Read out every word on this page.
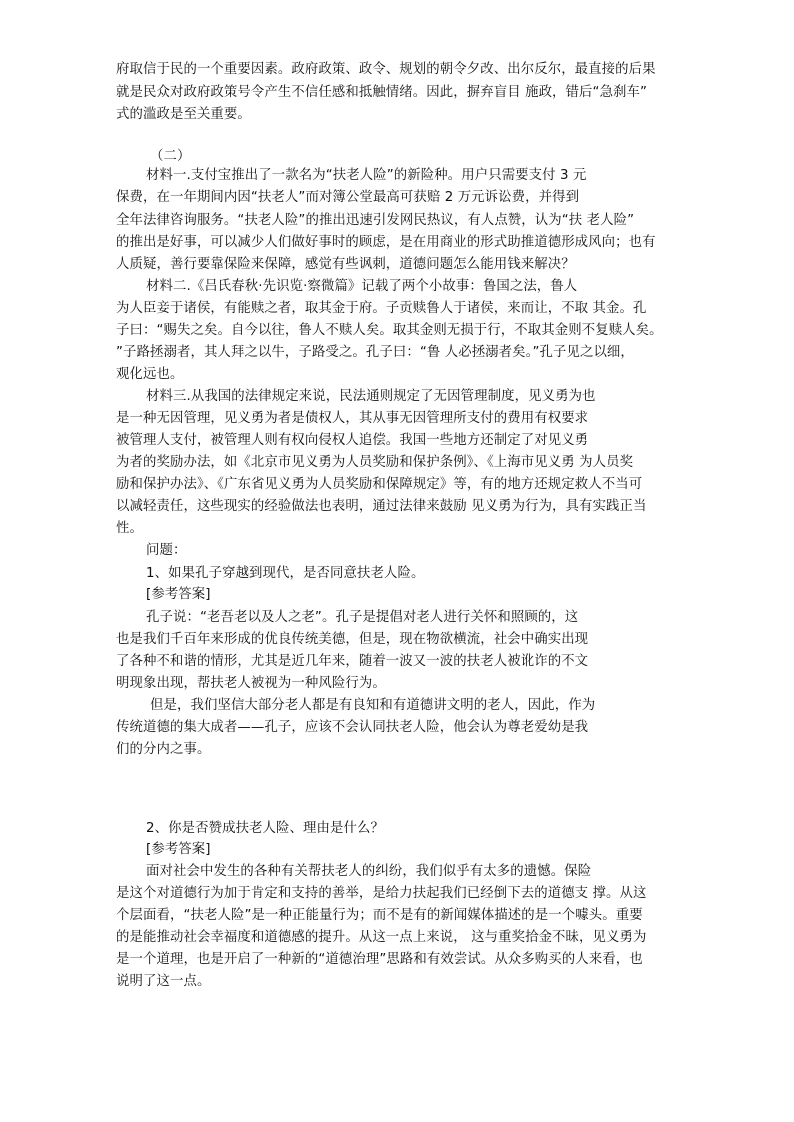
府取信于民的一个重要因素。政府政策、政令、规划的朝令夕改、出尔反尔，最直接的后果
就是民众对政府政策号令产生不信任感和抵触情绪。因此，摒弃盲目 施政，错后“急刹车”
式的滥政是至关重要。
（二）
材料一.支付宝推出了一款名为“扶老人险”的新险种。用户只需要支付 3 元
保费，在一年期间内因“扶老人”而对簿公堂最高可获赔 2 万元诉讼费，并得到
全年法律咨询服务。“扶老人险”的推出迅速引发网民热议，有人点赞，认为“扶 老人险”
的推出是好事，可以减少人们做好事时的顾虑，是在用商业的形式助推道德形成风向；也有
人质疑，善行要靠保险来保障，感觉有些讽刺，道德问题怎么能用钱来解决？
材料二.《吕氏春秋·先识览·察微篇》记载了两个小故事：鲁国之法，鲁人
为人臣妾于诸侯，有能赎之者，取其金于府。子贡赎鲁人于诸侯，来而让，不取 其金。孔
子曰：“赐失之矣。自今以往，鲁人不赎人矣。取其金则无损于行，不取其金则不复赎人矣。
”子路拯溺者，其人拜之以牛，子路受之。孔子曰：“鲁 人必拯溺者矣。”孔子见之以细，
观化远也。
材料三.从我国的法律规定来说，民法通则规定了无因管理制度，见义勇为也
是一种无因管理，见义勇为者是债权人，其从事无因管理所支付的费用有权要求
被管理人支付，被管理人则有权向侵权人追偿。我国一些地方还制定了对见义勇
为者的奖励办法，如《北京市见义勇为人员奖励和保护条例》、《上海市见义勇 为人员奖
励和保护办法》、《广东省见义勇为人员奖励和保障规定》等，有的地方还规定救人不当可
以减轻责任，这些现实的经验做法也表明，通过法律来鼓励 见义勇为行为，具有实践正当
性。
问题：
1、如果孔子穿越到现代，是否同意扶老人险。
[参考答案]
孔子说：“老吾老以及人之老”。孔子是提倡对老人进行关怀和照顾的，这
也是我们千百年来形成的优良传统美德，但是，现在物欲横流，社会中确实出现
了各种不和谐的情形，尤其是近几年来，随着一波又一波的扶老人被讹诈的不文
明现象出现，帮扶老人被视为一种风险行为。
但是，我们坚信大部分老人都是有良知和有道德讲文明的老人，因此，作为
传统道德的集大成者——孔子，应该不会认同扶老人险，他会认为尊老爱幼是我
们的分内之事。
2、你是否赞成扶老人险、理由是什么？
[参考答案]
面对社会中发生的各种有关帮扶老人的纠纷，我们似乎有太多的遗憾。保险
是这个对道德行为加于肯定和支持的善举，是给力扶起我们已经倒下去的道德支 撑。从这
个层面看，“扶老人险”是一种正能量行为；而不是有的新闻媒体描述的是一个噱头。重要
的是能推动社会幸福度和道德感的提升。从这一点上来说， 这与重奖拾金不昧，见义勇为
是一个道理，也是开启了一种新的“道德治理”思路和有效尝试。从众多购买的人来看，也
说明了这一点。
